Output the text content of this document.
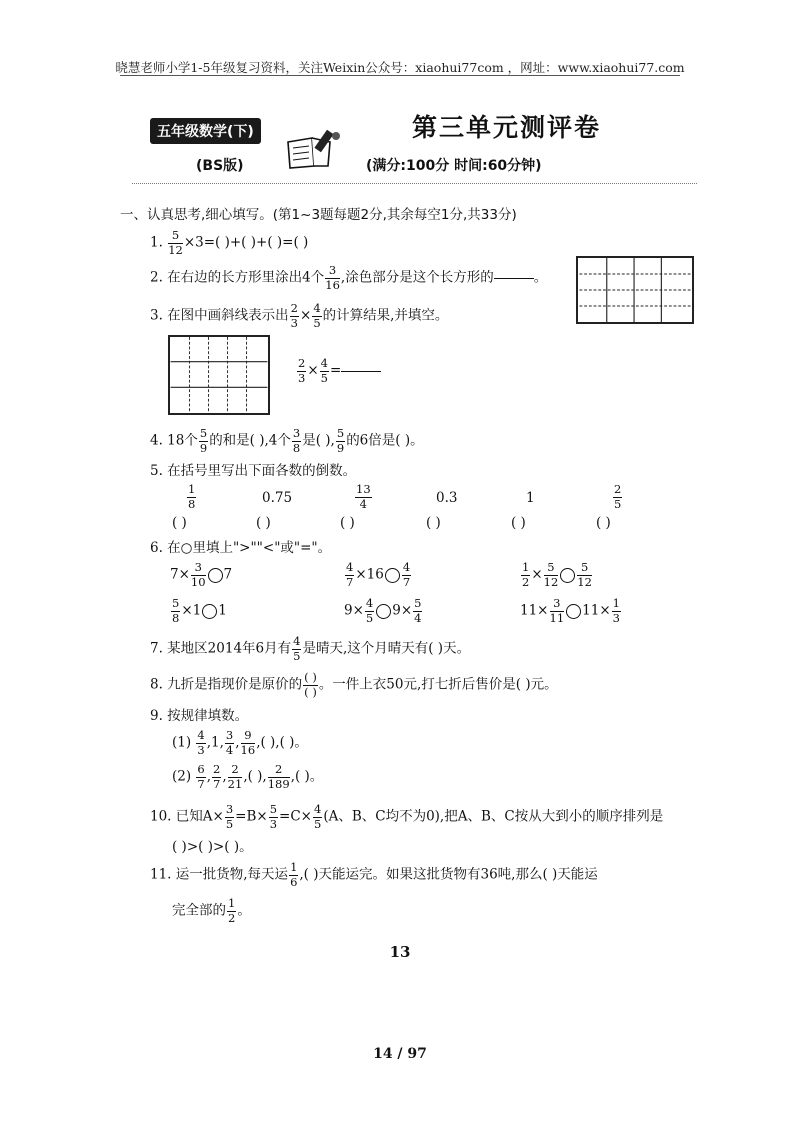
晓慧老师小学1-5年级复习资料，关注Weixin公众号：xiaohui77com ，网址：www.xiaohui77.com
五年级数学(下)	第三单元测评卷
(BS版)	(满分:100分 时间:60分钟)
一、认真思考,细心填写。(第1~3题每题2分,其余每空1分,共33分)
1. $\frac{5}{12} \times 3=$( )+( )+( )=( )
2. 在右边的长方形里涂出4个 $\frac{3}{16}$ ,涂色部分是这个长方形的	。
3. 在图中画斜线表示出 $\frac{2}{3} \times \frac{4}{5}$ 的计算结果,并填空。
$\frac{2}{3} \times \frac{4}{5}$ =
4. 18个 $\frac{5}{9}$ 的和是( ),4个 $\frac{3}{8}$ 是( ), $\frac{5}{9}$ 的6倍是( )。
5. 在括号里写出下面各数的倒数。
$\frac{1}{8}$	0.75	$\frac{13}{4}$	0.3	1	$\frac{2}{5}$
( )	( )	( )	( )	( )	( )
6. 在○里填上">""<"或"="。
$7\times \frac{3}{10} 7$	$\frac{4}{7} \times 16 \frac{4}{7}$	$\frac{1}{2} \times \frac{5}{12} \frac{5}{12}$
$\frac{5}{8} \times 1$ 1	$9\times \frac{4}{5} 9\times \frac{5}{4}$	$11\times \frac{3}{11} 11\times \frac{1}{3}$
7. 某地区2014年6月有 $\frac{4}{5}$ 是晴天,这个月晴天有( )天。
8. 九折是指现价是原价的 $\frac{( )}{( )}$ 。一件上衣50元,打七折后售价是( )元。
9. 按规律填数。
$(1) \frac{4}{3} ,1$, $\frac{3}{4}$ , $\frac{9}{16}$ ,( ),( )。
$(2) \frac{6}{7}$ , $\frac{2}{7}$ , $\frac{2}{21}$ ,( ), $\frac{2}{189}$ ,( )。
10. 已知$A\times \frac{3}{5} =B\times \frac{5}{3} =C\times \frac{4}{5} (A$、B、C均不为0),把A、B、C按从大到小的顺序排列是
( )>( )>( )。
11. 运一批货物,每天运 $\frac{1}{6}$ ,( )天能运完。如果这批货物有36吨,那么( )天能运
完全部的 $\frac{1}{2}$ 。
13
14 / 97
